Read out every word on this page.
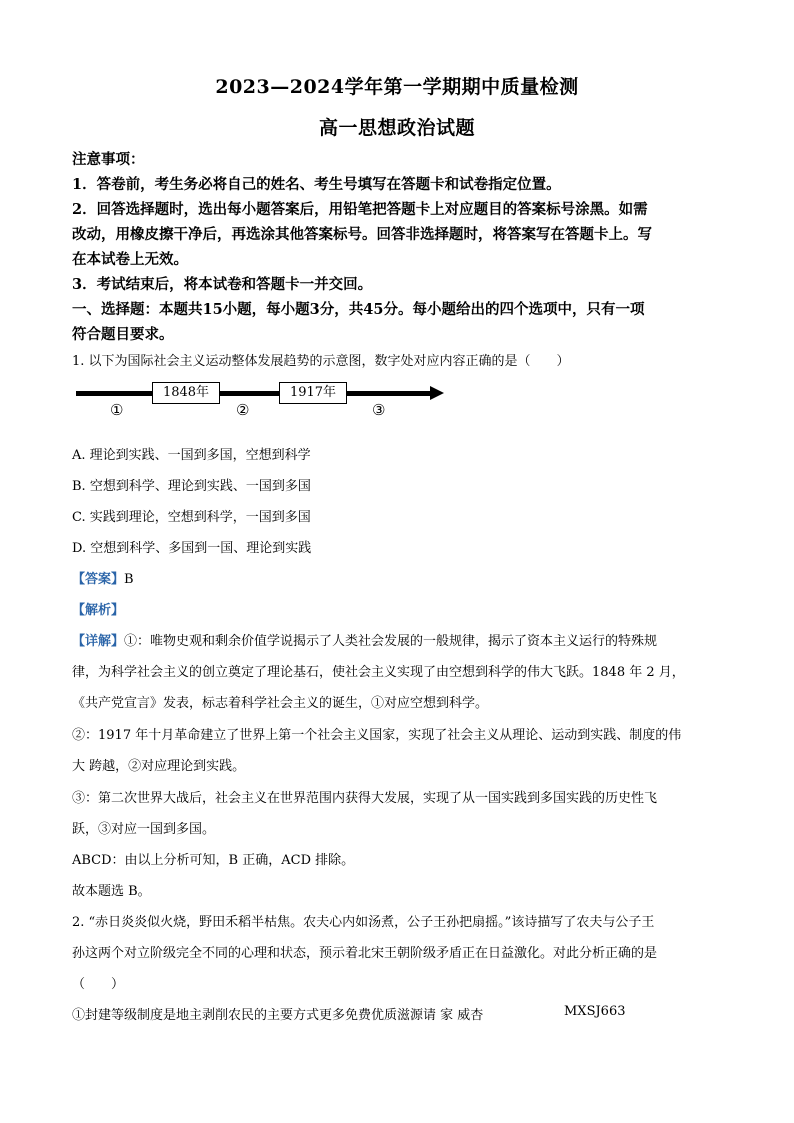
2023—2024学年第一学期期中质量检测
高一思想政治试题
注意事项：
1．答卷前，考生务必将自己的姓名、考生号填写在答题卡和试卷指定位置。
2．回答选择题时，选出每小题答案后，用铅笔把答题卡上对应题目的答案标号涂黑。如需
改动，用橡皮擦干净后，再选涂其他答案标号。回答非选择题时，将答案写在答题卡上。写
在本试卷上无效。
3．考试结束后，将本试卷和答题卡一并交回。
一、选择题：本题共15小题，每小题3分，共45分。每小题给出的四个选项中，只有一项
符合题目要求。
1. 以下为国际社会主义运动整体发展趋势的示意图，数字处对应内容正确的是（　　）
1848年	1917年
①	②	③
A. 理论到实践、一国到多国，空想到科学
B. 空想到科学、理论到实践、一国到多国
C. 实践到理论，空想到科学，一国到多国
D. 空想到科学、多国到一国、理论到实践
【答案】B
【解析】
【详解】①：唯物史观和剩余价值学说揭示了人类社会发展的一般规律，揭示了资本主义运行的特殊规
律，为科学社会主义的创立奠定了理论基石，使社会主义实现了由空想到科学的伟大飞跃。1848 年 2 月，
《共产党宣言》发表，标志着科学社会主义的诞生，①对应空想到科学。
②：1917 年十月革命建立了世界上第一个社会主义国家，实现了社会主义从理论、运动到实践、制度的伟
大 跨越，②对应理论到实践。
③：第二次世界大战后，社会主义在世界范围内获得大发展，实现了从一国实践到多国实践的历史性飞
跃，③对应一国到多国。
ABCD：由以上分析可知，B 正确，ACD 排除。
故本题选 B。
2. “赤日炎炎似火烧，野田禾稻半枯焦。农夫心内如汤煮，公子王孙把扇摇。”该诗描写了农夫与公子王
孙这两个对立阶级完全不同的心理和状态，预示着北宋王朝阶级矛盾正在日益激化。对此分析正确的是
（　　）
①封建等级制度是地主剥削农民的主要方式更多免费优质滋源请 家 威杏	MXSJ663
